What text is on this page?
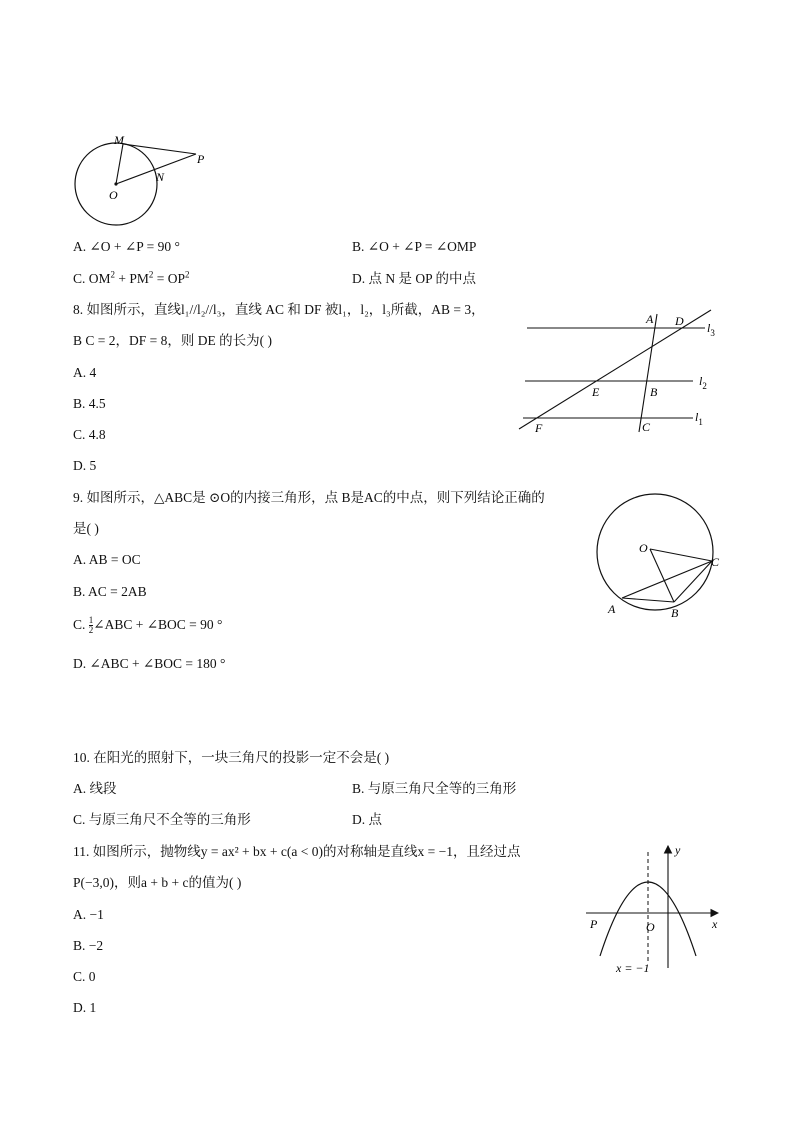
M
P
N
O
A. ∠O + ∠P = 90 °	B. ∠O + ∠P = ∠OMP
C. $OM^2 + PM^2 = OP^2$	D. 点 N 是 OP 的中点
8. 如图所示，直线l₁//l₂//l₃，直线 AC 和 DF 被l₁，l₂，l₃所截，AB = 3，
B C = 2，DF = 8，则 DE 的长为( )
A. 4
B. 4.5
C. 4.8
D. 5
A D $l_3$
E	B
$l_2$
F	C
$l_1$
9. 如图所示，△ABC是 ⊙O的内接三角形，点 B是AC的中点，则下列结论正确的
是( )
A. AB = OC
B. AC = 2AB
C. $\frac{1}{2}$ ∠ABC + ∠BOC = 90 °
D. ∠ABC + ∠BOC = 180 °
O
C
A	B
10. 在阳光的照射下，一块三角尺的投影一定不会是( )
A. 线段	B. 与原三角尺全等的三角形
C. 与原三角尺不全等的三角形	D. 点
11. 如图所示，抛物线y = ax² + bx + c(a < 0)的对称轴是直线x = −1，且经过点
P(−3,0)，则a + b + c的值为( )
A. −1
B. −2
C. 0
D. 1
y
x
P	O
x = −1
